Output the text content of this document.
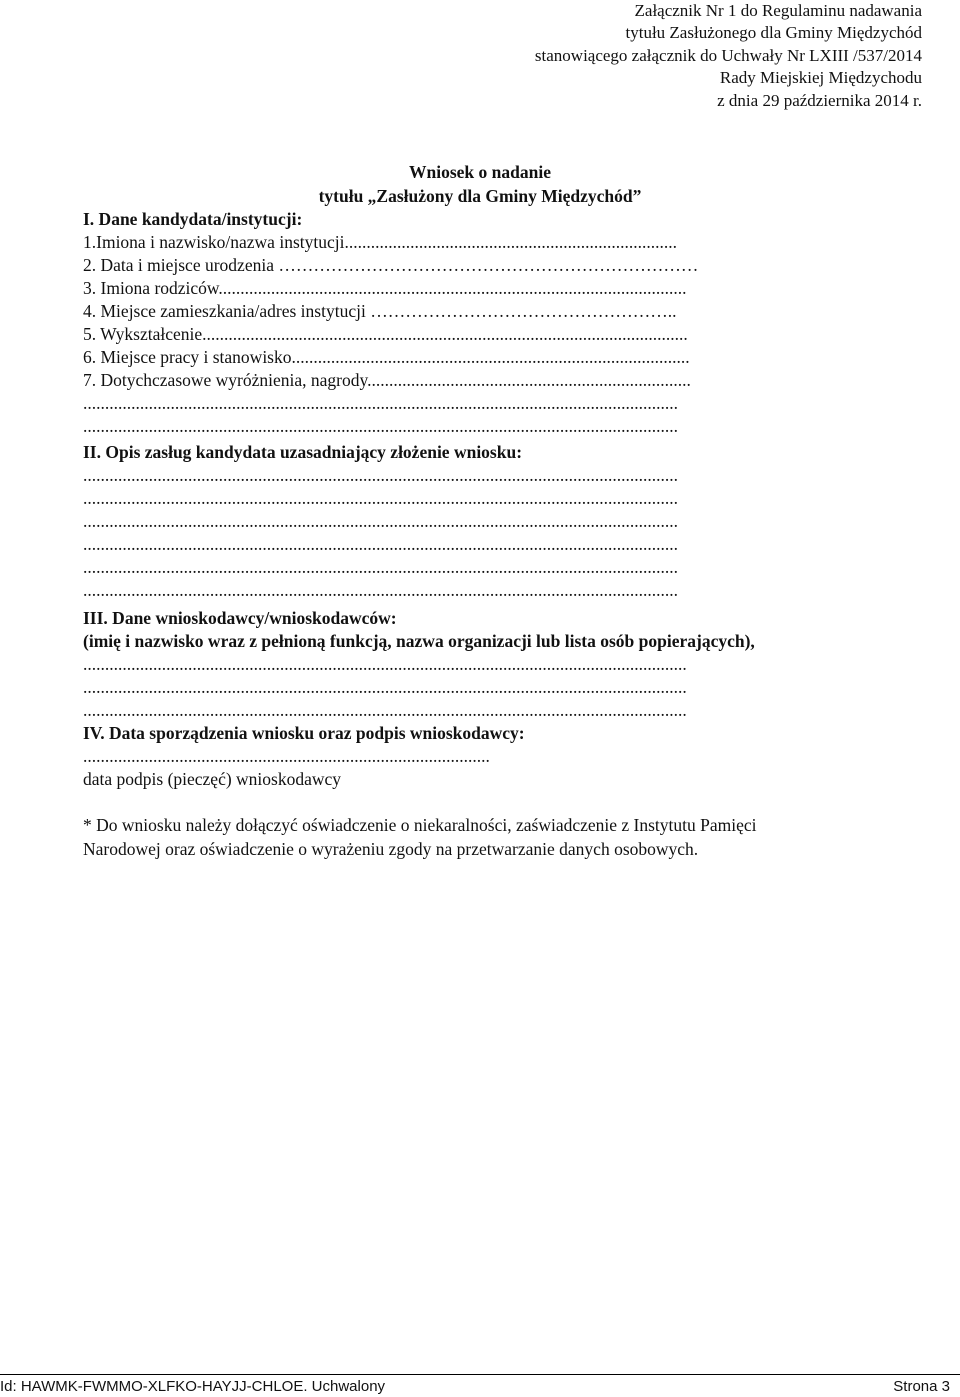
Załącznik Nr 1 do Regulaminu nadawania
tytułu Zasłużonego dla Gminy Międzychód
stanowiącego załącznik do Uchwały Nr LXIII /537/2014
Rady Miejskiej Międzychodu
z dnia 29 października 2014 r.
Wniosek o nadanie
tytułu „Zasłużony dla Gminy Międzychód”
I. Dane kandydata/instytucji:
1.Imiona i nazwisko/nazwa instytucji............................................................................
2. Data i miejsce urodzenia ………………………………………………………………
3. Imiona rodziców...........................................................................................................
4. Miejsce zamieszkania/adres instytucji ……………………………………………..
5. Wykształcenie...............................................................................................................
6. Miejsce pracy i stanowisko...........................................................................................
7. Dotychczasowe wyróżnienia, nagrody..........................................................................
........................................................................................................................................
........................................................................................................................................
II. Opis zasług kandydata uzasadniający złożenie wniosku:
........................................................................................................................................
........................................................................................................................................
........................................................................................................................................
........................................................................................................................................
........................................................................................................................................
........................................................................................................................................
III. Dane wnioskodawcy/wnioskodawców:
(imię i nazwisko wraz z pełnioną funkcją, nazwa organizacji lub lista osób popierających),
..........................................................................................................................................
..........................................................................................................................................
..........................................................................................................................................
IV. Data sporządzenia wniosku oraz podpis wnioskodawcy:
.............................................................................................
data podpis (pieczęć) wnioskodawcy
* Do wniosku należy dołączyć oświadczenie o niekaralności, zaświadczenie z Instytutu Pamięci
Narodowej oraz oświadczenie o wyrażeniu zgody na przetwarzanie danych osobowych.
Id: HAWMK-FWMMO-XLFKO-HAYJJ-CHLOE. Uchwalony	Strona 3
